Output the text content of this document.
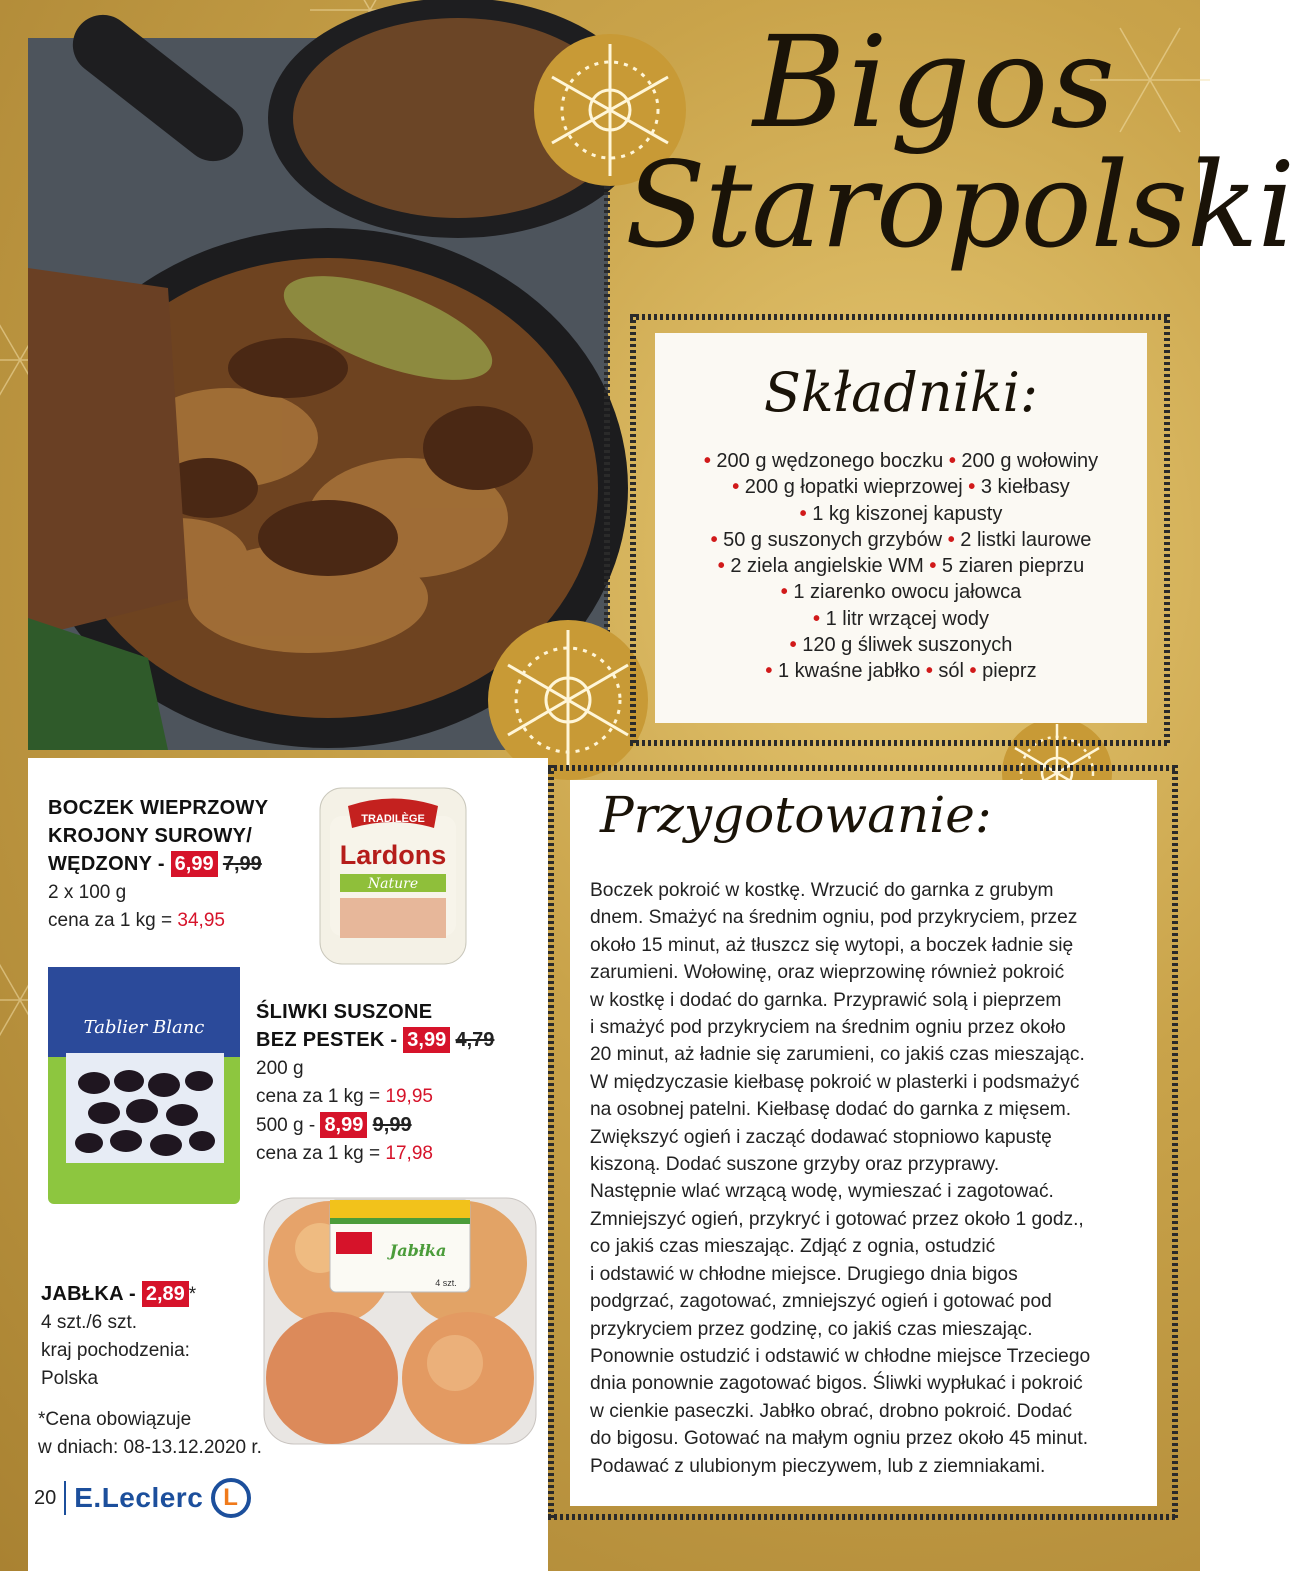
Bigos
Staropolski
Składniki:
• 200 g wędzonego boczku • 200 g wołowiny
• 200 g łopatki wieprzowej • 3 kiełbasy
• 1 kg kiszonej kapusty
• 50 g suszonych grzybów • 2 listki laurowe
• 2 ziela angielskie WM • 5 ziaren pieprzu
• 1 ziarenko owocu jałowca
• 1 litr wrzącej wody
• 120 g śliwek suszonych
• 1 kwaśne jabłko • sól • pieprz
BOCZEK WIEPRZOWY
KROJONY SUROWY/
WĘDZONY - 6,99 7,99
2 x 100 g
cena za 1 kg = 34,95
TRADILÈGE
Lardons
Nature
Tablier Blanc
ŚLIWKI SUSZONE
BEZ PESTEK - 3,99 4,79
200 g
cena za 1 kg = 19,95
500 g - 8,99 9,99
cena za 1 kg = 17,98
Jabłka
4 szt.
JABŁKA - 2,89 *
4 szt./6 szt.
kraj pochodzenia:
Polska
*Cena obowiązuje
w dniach: 08-13.12.2020 r.
Przygotowanie:
Boczek pokroić w kostkę. Wrzucić do garnka z grubym
dnem. Smażyć na średnim ogniu, pod przykryciem, przez
około 15 minut, aż tłuszcz się wytopi, a boczek ładnie się
zarumieni. Wołowinę, oraz wieprzowinę również pokroić
w kostkę i dodać do garnka. Przyprawić solą i pieprzem
i smażyć pod przykryciem na średnim ogniu przez około
20 minut, aż ładnie się zarumieni, co jakiś czas mieszając.
W międzyczasie kiełbasę pokroić w plasterki i podsmażyć
na osobnej patelni. Kiełbasę dodać do garnka z mięsem.
Zwiększyć ogień i zacząć dodawać stopniowo kapustę
kiszoną. Dodać suszone grzyby oraz przyprawy.
Następnie wlać wrzącą wodę, wymieszać i zagotować.
Zmniejszyć ogień, przykryć i gotować przez około 1 godz.,
co jakiś czas mieszając. Zdjąć z ognia, ostudzić
i odstawić w chłodne miejsce. Drugiego dnia bigos
podgrzać, zagotować, zmniejszyć ogień i gotować pod
przykryciem przez godzinę, co jakiś czas mieszając.
Ponownie ostudzić i odstawić w chłodne miejsce Trzeciego
dnia ponownie zagotować bigos. Śliwki wypłukać i pokroić
w cienkie paseczki. Jabłko obrać, drobno pokroić. Dodać
do bigosu. Gotować na małym ogniu przez około 45 minut.
Podawać z ulubionym pieczywem, lub z ziemniakami.
20 E.Leclerc
L
